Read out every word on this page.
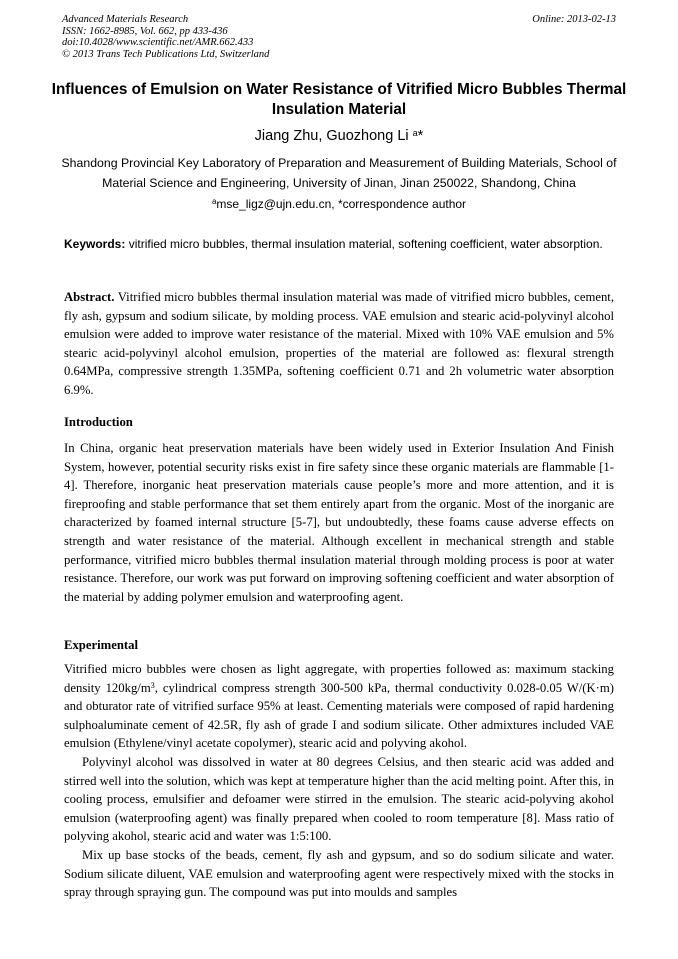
Advanced Materials Research
ISSN: 1662-8985, Vol. 662, pp 433-436
doi:10.4028/www.scientific.net/AMR.662.433
© 2013 Trans Tech Publications Ltd, Switzerland
Online: 2013-02-13
Influences of Emulsion on Water Resistance of Vitrified Micro Bubbles Thermal Insulation Material
Jiang Zhu, Guozhong Li $^a$*
Shandong Provincial Key Laboratory of Preparation and Measurement of Building Materials, School of Material Science and Engineering, University of Jinan, Jinan 250022, Shandong, China
$^a$mse_ligz@ujn.edu.cn, *correspondence author
Keywords: vitrified micro bubbles, thermal insulation material, softening coefficient, water absorption.
Abstract. Vitrified micro bubbles thermal insulation material was made of vitrified micro bubbles, cement, fly ash, gypsum and sodium silicate, by molding process. VAE emulsion and stearic acid-polyvinyl alcohol emulsion were added to improve water resistance of the material. Mixed with 10% VAE emulsion and 5% stearic acid-polyvinyl alcohol emulsion, properties of the material are followed as: flexural strength 0.64MPa, compressive strength 1.35MPa, softening coefficient 0.71 and 2h volumetric water absorption 6.9%.
Introduction
In China, organic heat preservation materials have been widely used in Exterior Insulation And Finish System, however, potential security risks exist in fire safety since these organic materials are flammable [1-4]. Therefore, inorganic heat preservation materials cause people’s more and more attention, and it is fireproofing and stable performance that set them entirely apart from the organic. Most of the inorganic are characterized by foamed internal structure [5-7], but undoubtedly, these foams cause adverse effects on strength and water resistance of the material. Although excellent in mechanical strength and stable performance, vitrified micro bubbles thermal insulation material through molding process is poor at water resistance. Therefore, our work was put forward on improving softening coefficient and water absorption of the material by adding polymer emulsion and waterproofing agent.
Experimental
Vitrified micro bubbles were chosen as light aggregate, with properties followed as: maximum stacking density $120kg/m^3$, cylindrical compress strength 300-500 kPa, thermal conductivity 0.028-0.05 W/(K·m) and obturator rate of vitrified surface 95% at least. Cementing materials were composed of rapid hardening sulphoaluminate cement of 42.5R, fly ash of grade I and sodium silicate. Other admixtures included VAE emulsion (Ethylene/vinyl acetate copolymer), stearic acid and polyving akohol.
Polyvinyl alcohol was dissolved in water at 80 degrees Celsius, and then stearic acid was added and stirred well into the solution, which was kept at temperature higher than the acid melting point. After this, in cooling process, emulsifier and defoamer were stirred in the emulsion. The stearic acid-polyving akohol emulsion (waterproofing agent) was finally prepared when cooled to room temperature [8]. Mass ratio of polyving akohol, stearic acid and water was 1:5:100.
Mix up base stocks of the beads, cement, fly ash and gypsum, and so do sodium silicate and water. Sodium silicate diluent, VAE emulsion and waterproofing agent were respectively mixed with the stocks in spray through spraying gun. The compound was put into moulds and samples
